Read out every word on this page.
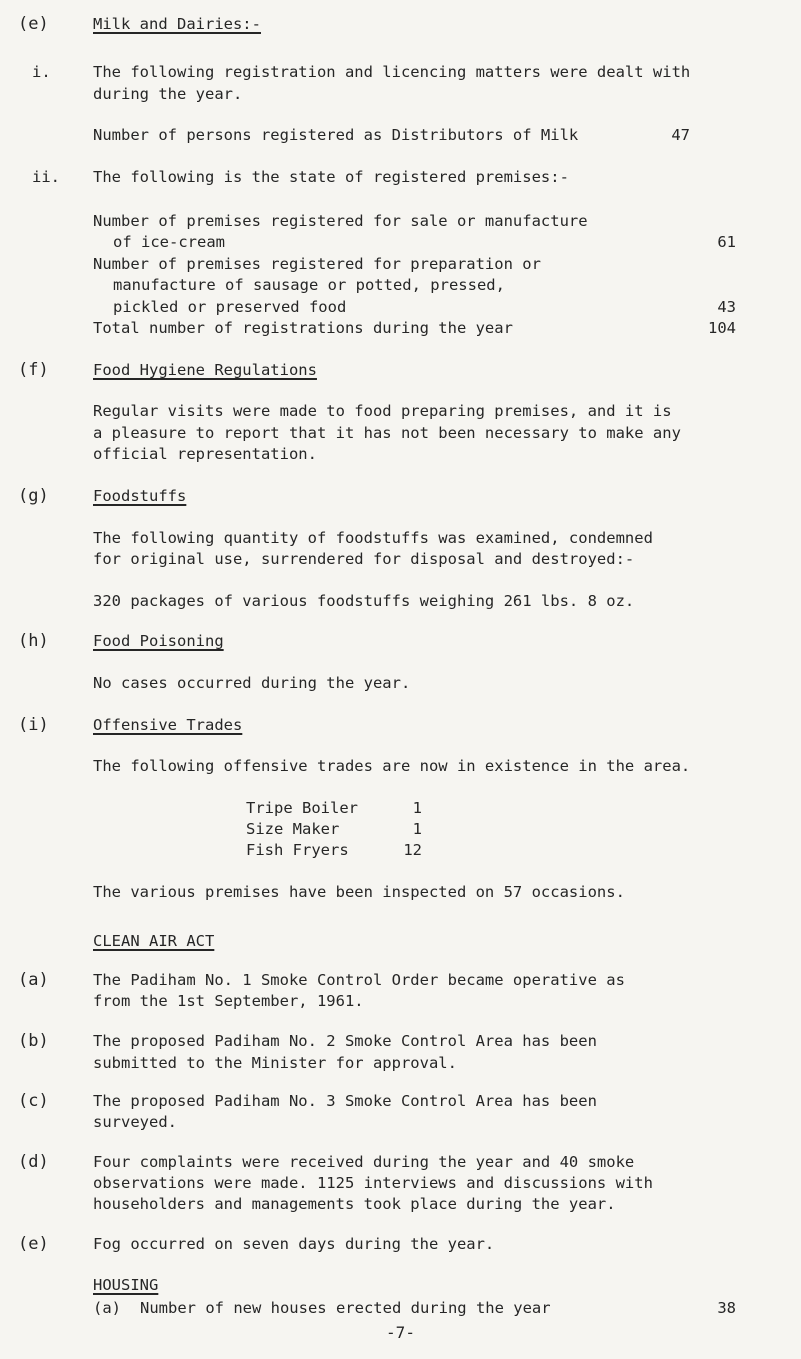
(e)	Milk and Dairies:-
i.	The following registration and licencing matters were dealt with
during the year.
Number of persons registered as Distributors of Milk	47
ii. The following is the state of registered premises:-
Number of premises registered for sale or manufacture
of ice-cream	61
Number of premises registered for preparation or
manufacture of sausage or potted, pressed,
pickled or preserved food	43
Total number of registrations during the year	104
(f)	Food Hygiene Regulations
Regular visits were made to food preparing premises, and it is
a pleasure to report that it has not been necessary to make any
official representation.
(g)	Foodstuffs
The following quantity of foodstuffs was examined, condemned
for original use, surrendered for disposal and destroyed:-
320 packages of various foodstuffs weighing 261 lbs. 8 oz.
(h)	Food Poisoning
No cases occurred during the year.
(i)	Offensive Trades
The following offensive trades are now in existence in the area.
Tripe Boiler	1
Size Maker	1
Fish Fryers	12
The various premises have been inspected on 57 occasions.
CLEAN AIR ACT
(a)	The Padiham No. 1 Smoke Control Order became operative as
from the 1st September, 1961.
(b)	The proposed Padiham No. 2 Smoke Control Area has been
submitted to the Minister for approval.
(c)	The proposed Padiham No. 3 Smoke Control Area has been
surveyed.
(d)	Four complaints were received during the year and 40 smoke
observations were made. 1125 interviews and discussions with
householders and managements took place during the year.
(e)	Fog occurred on seven days during the year.
HOUSING
(a) Number of new houses erected during the year	38
-7-
